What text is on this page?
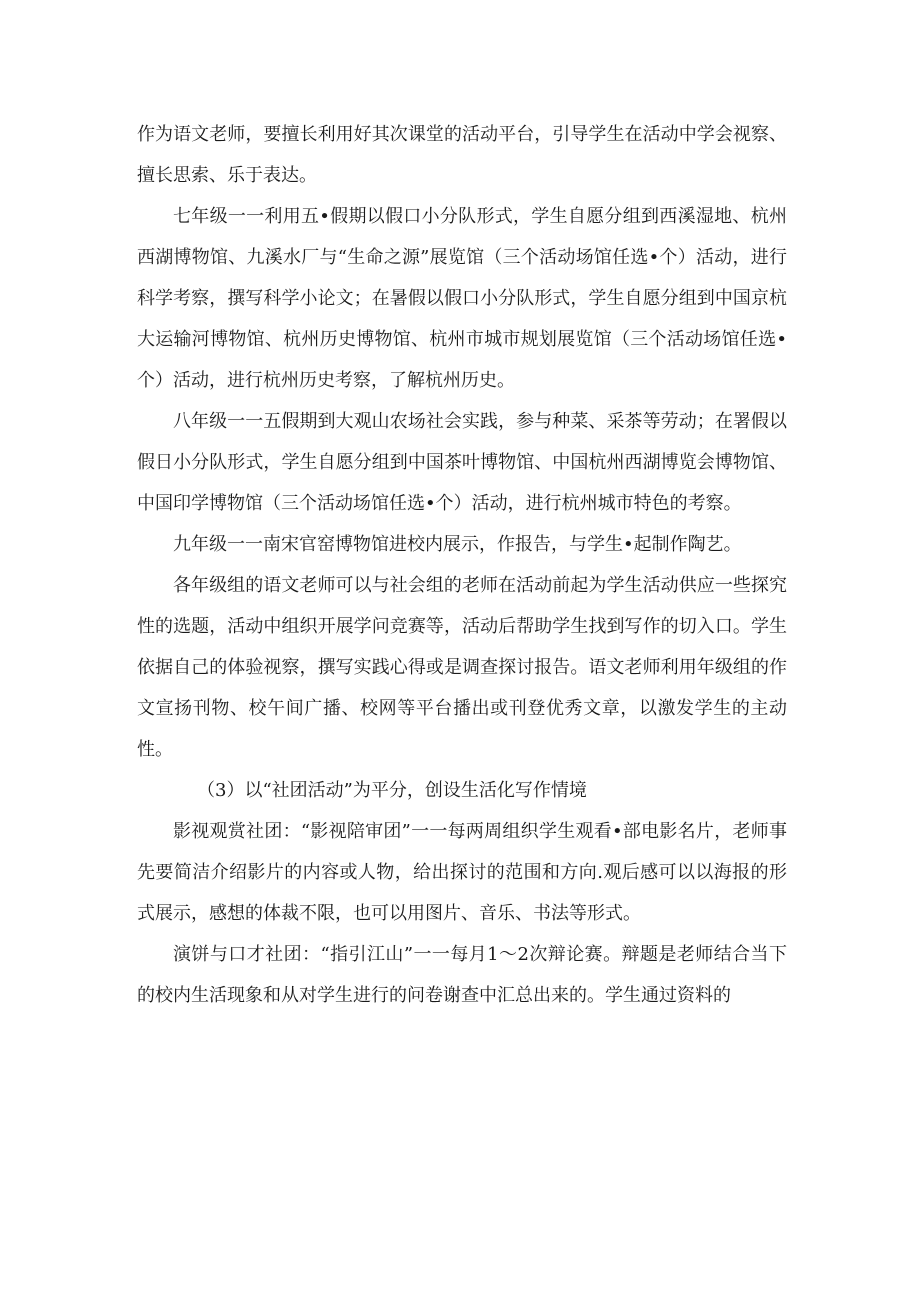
作为语文老师，要擅长利用好其次课堂的活动平台，引导学生在活动中学会视察、擅长思索、乐于表达。

七年级一一利用五•假期以假口小分队形式，学生自愿分组到西溪湿地、杭州西湖博物馆、九溪水厂与“生命之源”展览馆（三个活动场馆任选•个）活动，进行科学考察，撰写科学小论文；在暑假以假口小分队形式，学生自愿分组到中国京杭大运输河博物馆、杭州历史博物馆、杭州市城市规划展览馆（三个活动场馆任选•个）活动，进行杭州历史考察，了解杭州历史。

八年级一一五假期到大观山农场社会实践，参与种菜、采茶等劳动；在署假以假日小分队形式，学生自愿分组到中国茶叶博物馆、中国杭州西湖博览会博物馆、中国印学博物馆（三个活动场馆任选•个）活动，进行杭州城市特色的考察。

九年级一一南宋官窑博物馆进校内展示，作报告，与学生•起制作陶艺。

各年级组的语文老师可以与社会组的老师在活动前起为学生活动供应一些探究性的选题，活动中组织开展学问竞赛等，活动后帮助学生找到写作的切入口。学生依据自己的体验视察，撰写实践心得或是调查探讨报告。语文老师利用年级组的作文宣扬刊物、校午间广播、校网等平台播出或刊登优秀文章，以激发学生的主动性。

（3）以“社团活动”为平分，创设生活化写作情境

影视观赏社团：“影视陪审团”一一每两周组织学生观看•部电影名片，老师事先要简洁介绍影片的内容或人物，给出探讨的范围和方向.观后感可以以海报的形式展示，感想的体裁不限，也可以用图片、音乐、书法等形式。

演饼与口才社团：“指引江山”一一每月1～2次辩论赛。辩题是老师结合当下的校内生活现象和从对学生进行的问卷谢查中汇总出来的。学生通过资料的
